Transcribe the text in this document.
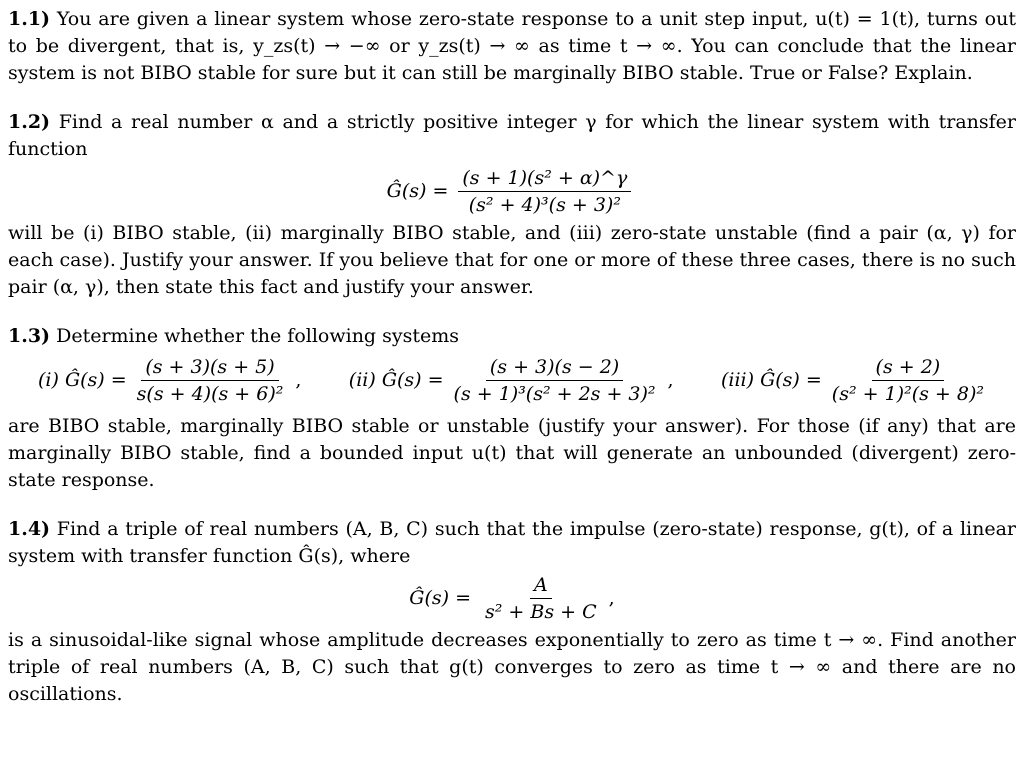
1.1) You are given a linear system whose zero-state response to a unit step input, u(t) = 1(t), turns out to be divergent, that is, y_zs(t) → −∞ or y_zs(t) → ∞ as time t → ∞. You can conclude that the linear system is not BIBO stable for sure but it can still be marginally BIBO stable. True or False? Explain.

1.2) Find a real number α and a strictly positive integer γ for which the linear system with transfer function

Ĝ(s) = $\frac{\text{(s + 1)(s² + α)\textasciicircum{}γ}}{\text{(s² + 4)³(s + 3)²}}$

will be (i) BIBO stable, (ii) marginally BIBO stable, and (iii) zero-state unstable (find a pair (α, γ) for each case). Justify your answer. If you believe that for one or more of these three cases, there is no such pair (α, γ), then state this fact and justify your answer.

1.3) Determine whether the following systems

(i) Ĝ(s) = $\frac{(s + 3)(s + 5)}{\text{s(s + 4)(s + 6)²}}$ , (ii) Ĝ(s) = $\frac{(s + 3)(s - 2)}{\text{(s + 1)³(s² + 2s + 3)²}}$ , (iii) Ĝ(s) = $\frac{(s + 2)}{\text{(s² + 1)²(s + 8)²}}$

are BIBO stable, marginally BIBO stable or unstable (justify your answer). For those (if any) that are marginally BIBO stable, find a bounded input u(t) that will generate an unbounded (divergent) zero-state response.

1.4) Find a triple of real numbers (A, B, C) such that the impulse (zero-state) response, g(t), of a linear system with transfer function Ĝ(s), where

Ĝ(s) = $\frac{A}{\text{s² + Bs + C}}$ ,

is a sinusoidal-like signal whose amplitude decreases exponentially to zero as time t → ∞. Find another triple of real numbers (A, B, C) such that g(t) converges to zero as time t → ∞ and there are no oscillations.
